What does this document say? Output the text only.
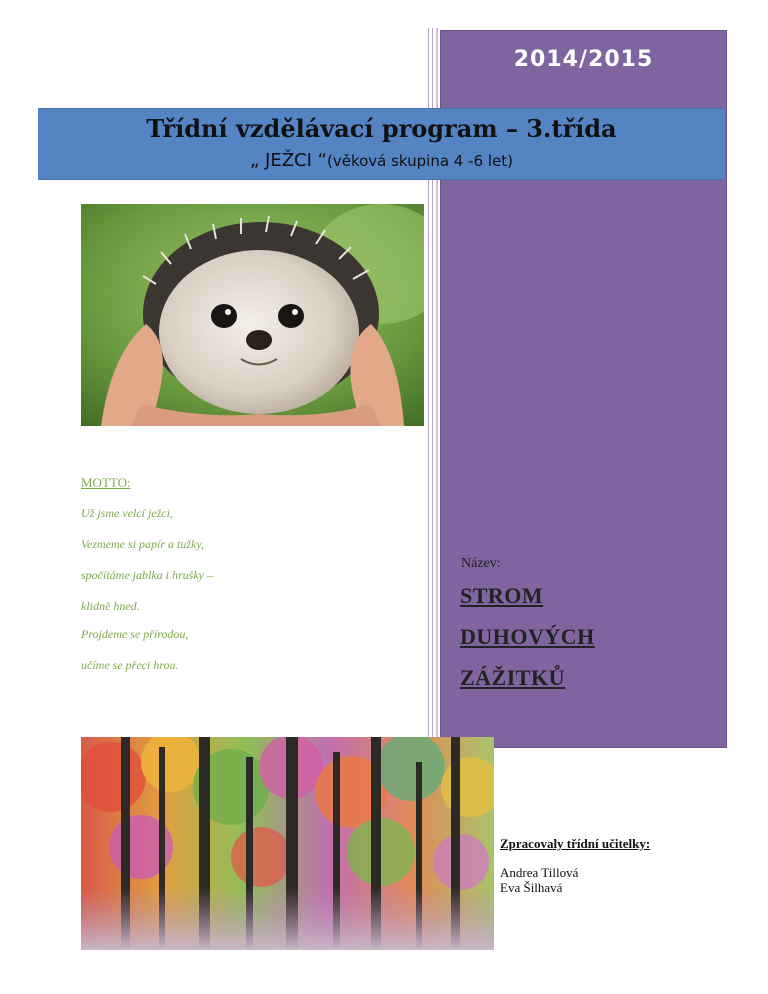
2014/2015
Třídní vzdělávací program – 3.třída
„ JEŽCI “(věková skupina 4 -6 let)
MOTTO:
Už jsme velcí ježci,
Vezmeme si papír a tužky,
spočítáme jablka i hrušky –
klidně hned.
Projdeme se přírodou,
učíme se přeci hrou.
Název:
STROM
DUHOVÝCH
ZÁŽITKŮ
Zpracovaly třídní učitelky:
Andrea Tillová
Eva Šilhavá
